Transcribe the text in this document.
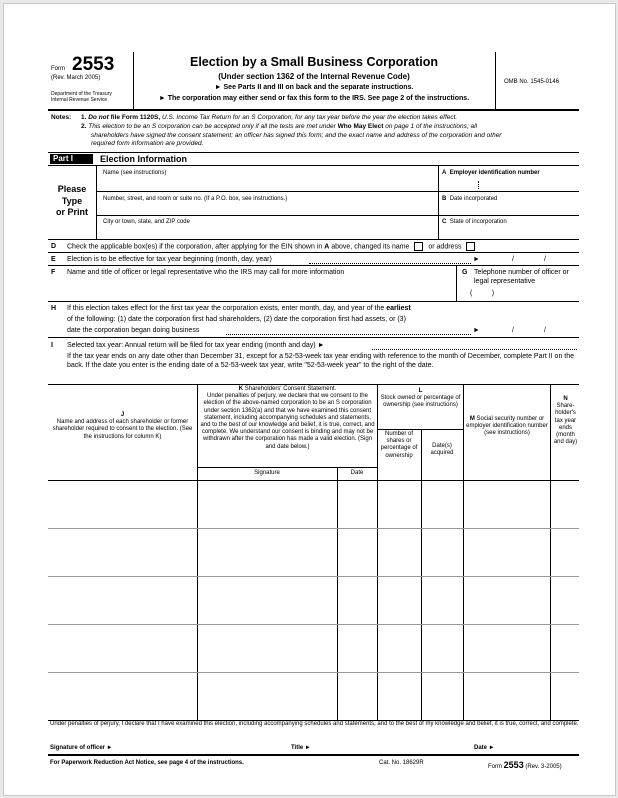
Form 2553
(Rev. March 2005)
Department of the Treasury
Internal Revenue Service
Election by a Small Business Corporation
(Under section 1362 of the Internal Revenue Code)
► See Parts II and III on back and the separate instructions.
► The corporation may either send or fax this form to the IRS. See page 2 of the instructions.
OMB No. 1545-0146
Notes: 1. Do not file Form 1120S, U.S. Income Tax Return for an S Corporation, for any tax year before the year the election takes effect.
2. This election to be an S corporation can be accepted only if all the tests are met under Who May Elect on page 1 of the instructions; all
shareholders have signed the consent statement; an officer has signed this form; and the exact name and address of the corporation and other
required form information are provided.
Part I	Election Information
Please
Type
or Print
Name (see instructions)
Number, street, and room or suite no. (If a P.O. box, see instructions.)
City or town, state, and ZIP code
A Employer identification number
B Date incorporated
C State of incorporation
D Check the applicable box(es) if the corporation, after applying for the EIN shown in A above, changed its name	or address
E Election is to be effective for tax year beginning (month, day, year)	►	/	/
F Name and title of officer or legal representative who the IRS may call for more information	G Telephone number of officer or legal representative
(          )
H If this election takes effect for the first tax year the corporation exists, enter month, day, and year of the earliest
of the following: (1) date the corporation first had shareholders, (2) date the corporation first had assets, or (3)
date the corporation began doing business	►	/	/
I Selected tax year: Annual return will be filed for tax year ending (month and day) ►
If the tax year ends on any date other than December 31, except for a 52-53-week tax year ending with reference to the month of December, complete Part II on the back. If the date you enter is the ending date of a 52-53-week tax year, write "52-53-week year" to the right of the date.
J
Name and address of each shareholder or former shareholder required to consent to the election. (See the instructions for column K)
K Shareholders' Consent Statement.
Under penalties of perjury, we declare that we consent to the election of the above-named corporation to be an S corporation under section 1362(a) and that we have examined this consent statement, including accompanying schedules and statements, and to the best of our knowledge and belief, it is true, correct, and complete. We understand our consent is binding and may not be withdrawn after the corporation has made a valid election. (Sign and date below.)
Signature	Date
L
Stock owned or percentage of ownership (see instructions)
Number of shares or percentage of ownership
Date(s) acquired
M Social security number or employer identification number (see instructions)
N
Share-holder's tax year ends (month and day)
Under penalties of perjury, I declare that I have examined this election, including accompanying schedules and statements, and to the best of my knowledge and belief, it is true, correct, and complete.
Signature of officer ►	Title ►	Date ►
For Paperwork Reduction Act Notice, see page 4 of the instructions.	Cat. No. 18629R
Form 2553 (Rev. 3-2005)
